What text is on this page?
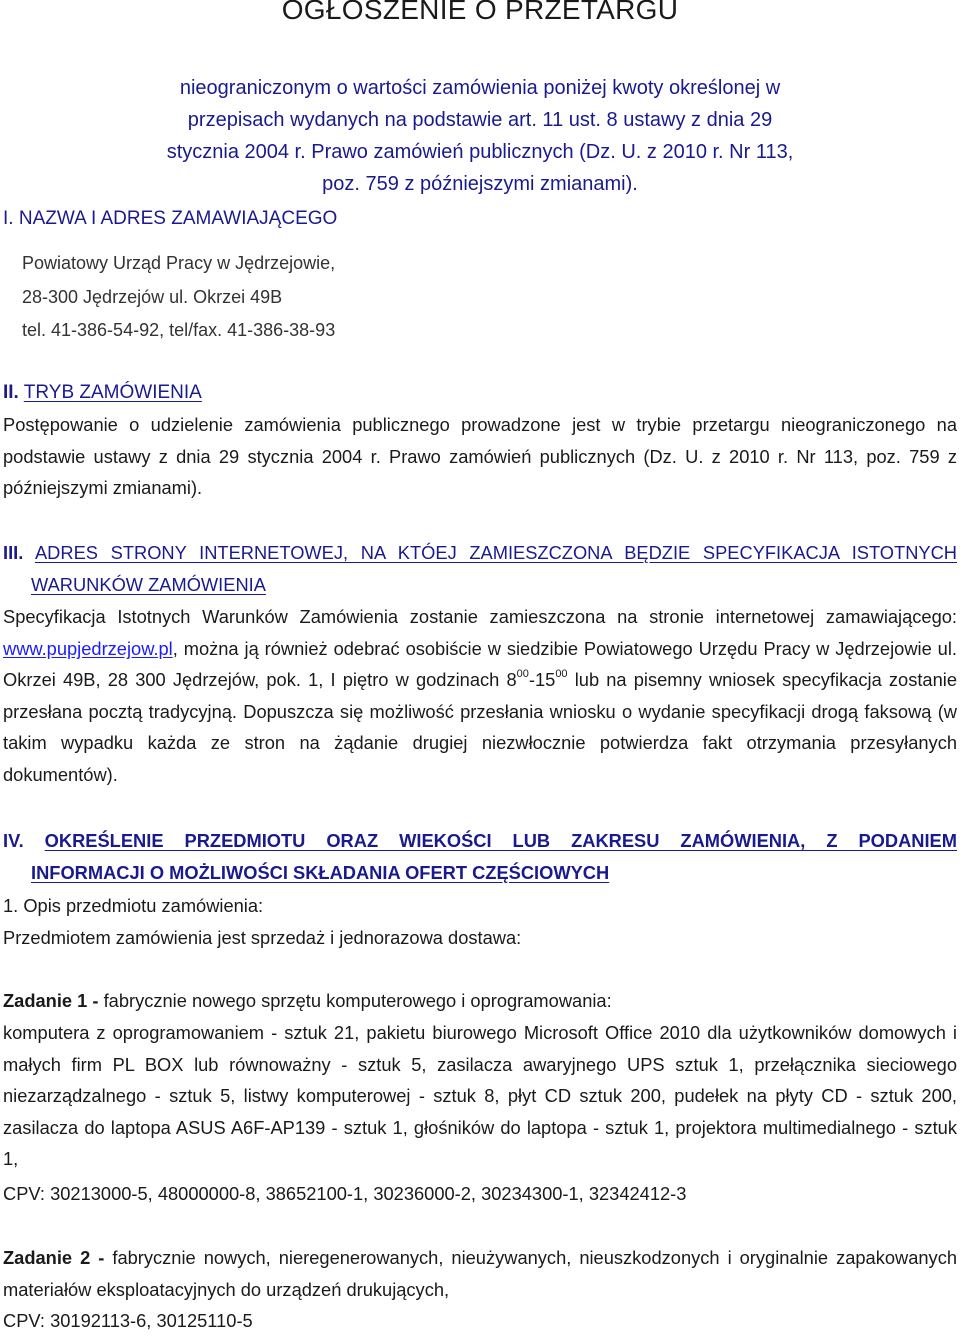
OGŁOSZENIE O PRZETARGU
nieograniczonym o wartości zamówienia poniżej kwoty określonej w przepisach wydanych na podstawie art. 11 ust. 8 ustawy z dnia 29 stycznia 2004 r. Prawo zamówień publicznych (Dz. U. z 2010 r. Nr 113, poz. 759 z późniejszymi zmianami).
I. NAZWA I ADRES ZAMAWIAJĄCEGO
Powiatowy Urząd Pracy w Jędrzejowie,
28-300 Jędrzejów ul. Okrzei 49B
tel. 41-386-54-92, tel/fax. 41-386-38-93
II. TRYB ZAMÓWIENIA
Postępowanie o udzielenie zamówienia publicznego prowadzone jest w trybie przetargu nieograniczonego na podstawie ustawy z dnia 29 stycznia 2004 r. Prawo zamówień publicznych (Dz. U. z 2010 r. Nr 113, poz. 759 z późniejszymi zmianami).
III. ADRES STRONY INTERNETOWEJ, NA KTÓEJ ZAMIESZCZONA BĘDZIE SPECYFIKACJA ISTOTNYCH
WARUNKÓW ZAMÓWIENIA
Specyfikacja Istotnych Warunków Zamówienia zostanie zamieszczona na stronie internetowej zamawiającego: www.pupjedrzejow.pl, można ją również odebrać osobiście w siedzibie Powiatowego Urzędu Pracy w Jędrzejowie ul. Okrzei 49B, 28 300 Jędrzejów, pok. 1, I piętro w godzinach $8^{00}-15^{00}$ lub na pisemny wniosek specyfikacja zostanie przesłana pocztą tradycyjną. Dopuszcza się możliwość przesłania wniosku o wydanie specyfikacji drogą faksową (w takim wypadku każda ze stron na żądanie drugiej niezwłocznie potwierdza fakt otrzymania przesyłanych dokumentów).
IV. OKREŚLENIE PRZEDMIOTU ORAZ WIEKOŚCI LUB ZAKRESU ZAMÓWIENIA, Z PODANIEM
INFORMACJI O MOŻLIWOŚCI SKŁADANIA OFERT CZĘŚCIOWYCH
1. Opis przedmiotu zamówienia:
Przedmiotem zamówienia jest sprzedaż i jednorazowa dostawa:
Zadanie 1 - fabrycznie nowego sprzętu komputerowego i oprogramowania:
komputera z oprogramowaniem - sztuk 21, pakietu biurowego Microsoft Office 2010 dla użytkowników domowych i małych firm PL BOX lub równoważny - sztuk 5, zasilacza awaryjnego UPS sztuk 1, przełącznika sieciowego niezarządzalnego - sztuk 5, listwy komputerowej - sztuk 8, płyt CD sztuk 200, pudełek na płyty CD - sztuk 200, zasilacza do laptopa ASUS A6F-AP139 - sztuk 1, głośników do laptopa - sztuk 1, projektora multimedialnego - sztuk 1,
CPV: 30213000-5, 48000000-8, 38652100-1, 30236000-2, 30234300-1, 32342412-3
Zadanie 2 - fabrycznie nowych, nieregenerowanych, nieużywanych, nieuszkodzonych i oryginalnie zapakowanych materiałów eksploatacyjnych do urządzeń drukujących,
CPV: 30192113-6, 30125110-5
